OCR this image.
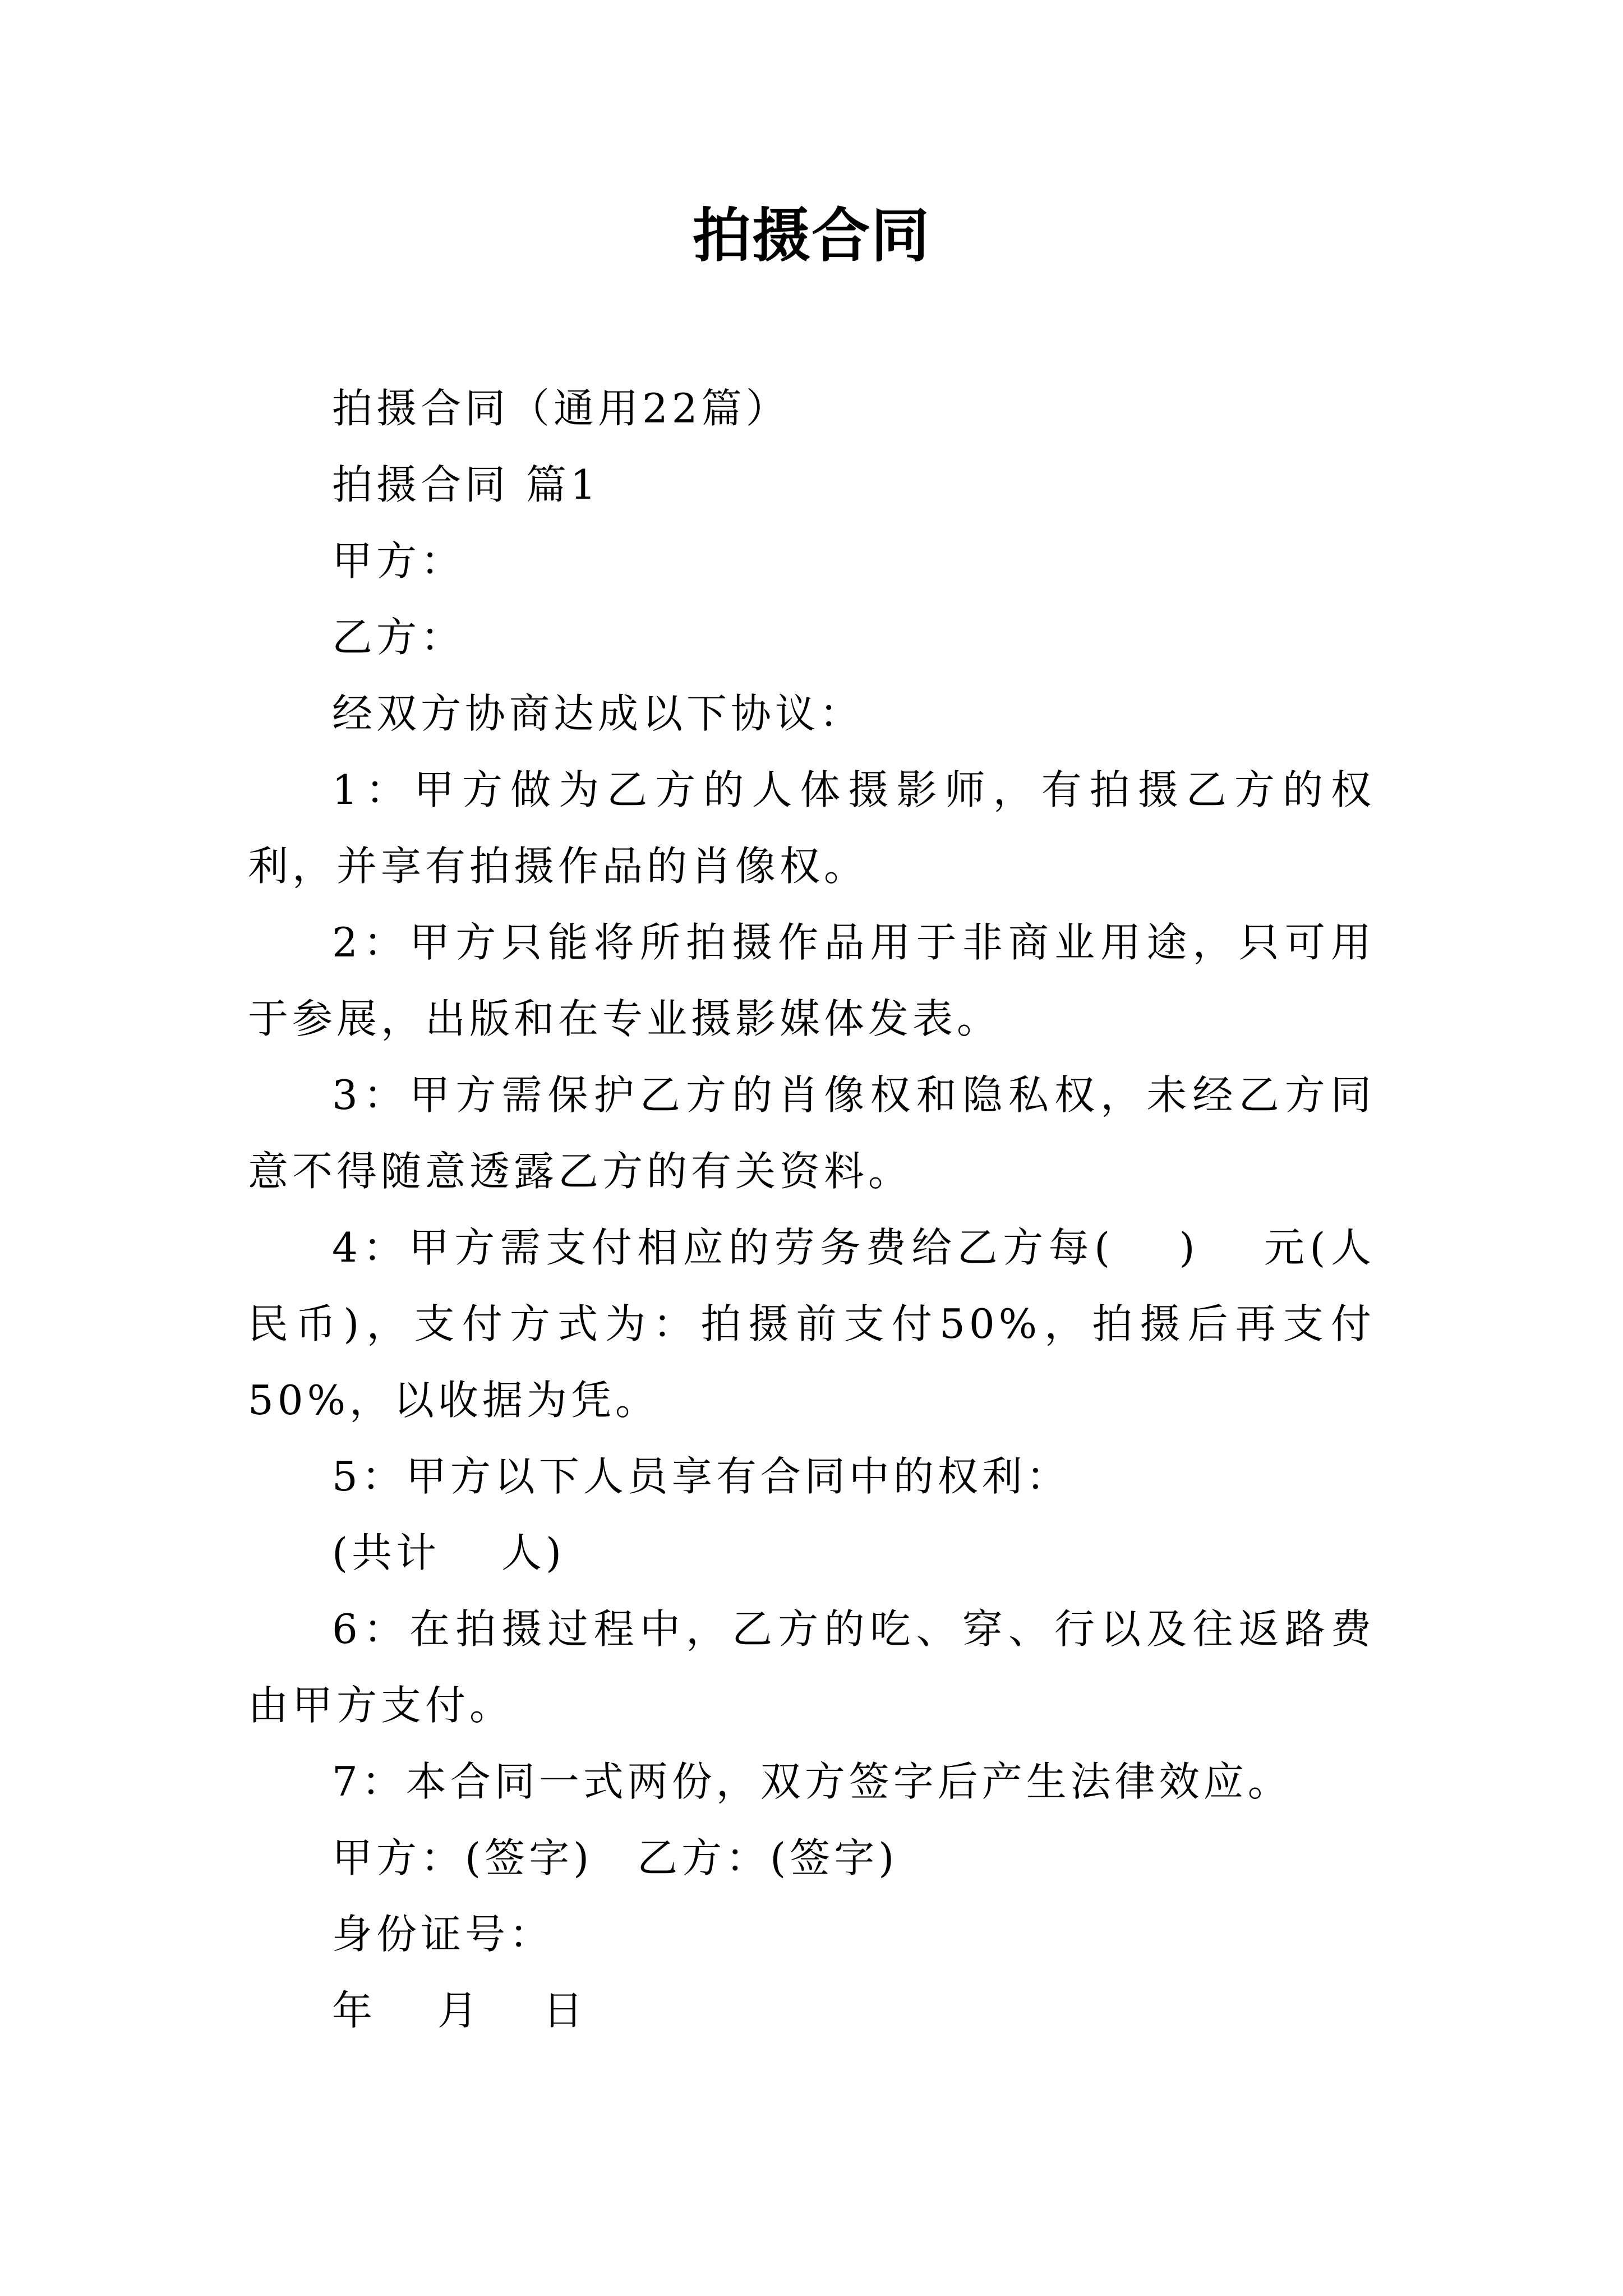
拍摄合同

拍摄合同（通用22篇）

拍摄合同 篇1

甲方：

乙方：

经双方协商达成以下协议：

1：甲方做为乙方的人体摄影师，有拍摄乙方的权利，并享有拍摄作品的肖像权。

2：甲方只能将所拍摄作品用于非商业用途，只可用于参展，出版和在专业摄影媒体发表。

3：甲方需保护乙方的肖像权和隐私权，未经乙方同意不得随意透露乙方的有关资料。

4：甲方需支付相应的劳务费给乙方每(　 )　 元(人民币)，支付方式为：拍摄前支付50%，拍摄后再支付50%，以收据为凭。

5：甲方以下人员享有合同中的权利：

(共计　 人)

6：在拍摄过程中，乙方的吃、穿、行以及往返路费由甲方支付。

7：本合同一式两份，双方签字后产生法律效应。

甲方：(签字)　乙方：(签字)

身份证号：

年　 月　 日
